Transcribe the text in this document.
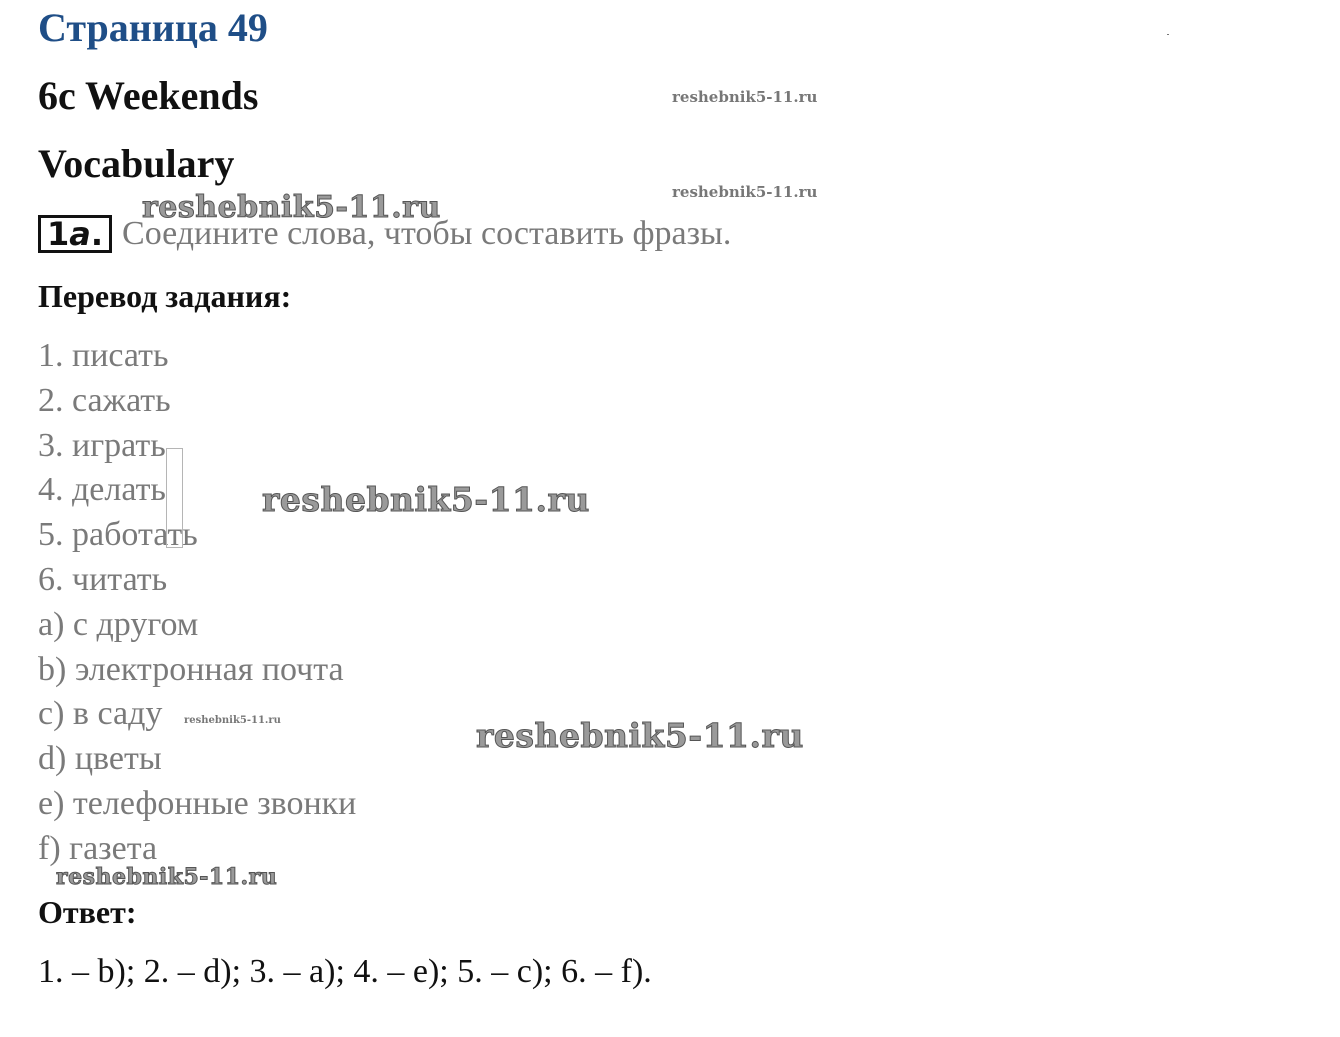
Страница 49
6c Weekends
Vocabulary
1 a . Соедините слова, чтобы составить фразы.
Перевод задания:
1. писать
2. сажать
3. играть
4. делать
5. работать
6. читать
a) с другом
b) электронная почта
c) в саду
d) цветы
e) телефонные звонки
f) газета
Ответ:
1. – b); 2. – d); 3. – a); 4. – e); 5. – c); 6. – f).
reshebnik5-11.ru
reshebnik5-11.ru
reshebnik5-11.ru
reshebnik5-11.ru
reshebnik5-11.ru
reshebnik5-11.ru
reshebnik5-11.ru
